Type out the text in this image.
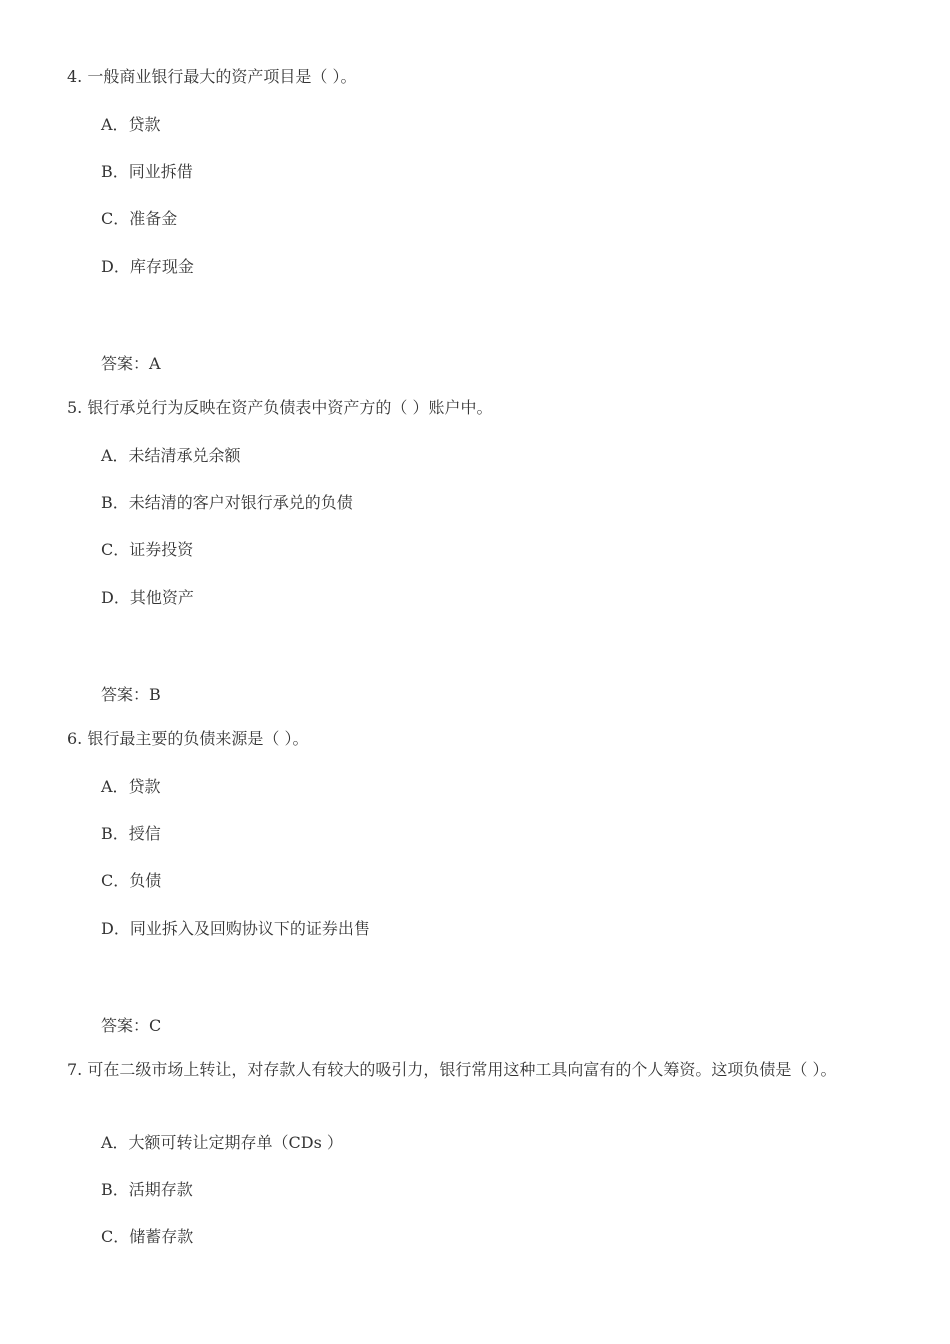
4. 一般商业银行最大的资产项目是（ ）。
A．贷款
B．同业拆借
C．准备金
D．库存现金
答案：A
5. 银行承兑行为反映在资产负债表中资产方的（ ）账户中。
A．未结清承兑余额
B．未结清的客户对银行承兑的负债
C．证券投资
D．其他资产
答案：B
6. 银行最主要的负债来源是（ ）。
A．贷款
B．授信
C．负债
D．同业拆入及回购协议下的证券出售
答案：C
7. 可在二级市场上转让，对存款人有较大的吸引力，银行常用这种工具向富有的个人筹资。这项负债是（ ）。
A．大额可转让定期存单（CDs ）
B．活期存款
C．储蓄存款
